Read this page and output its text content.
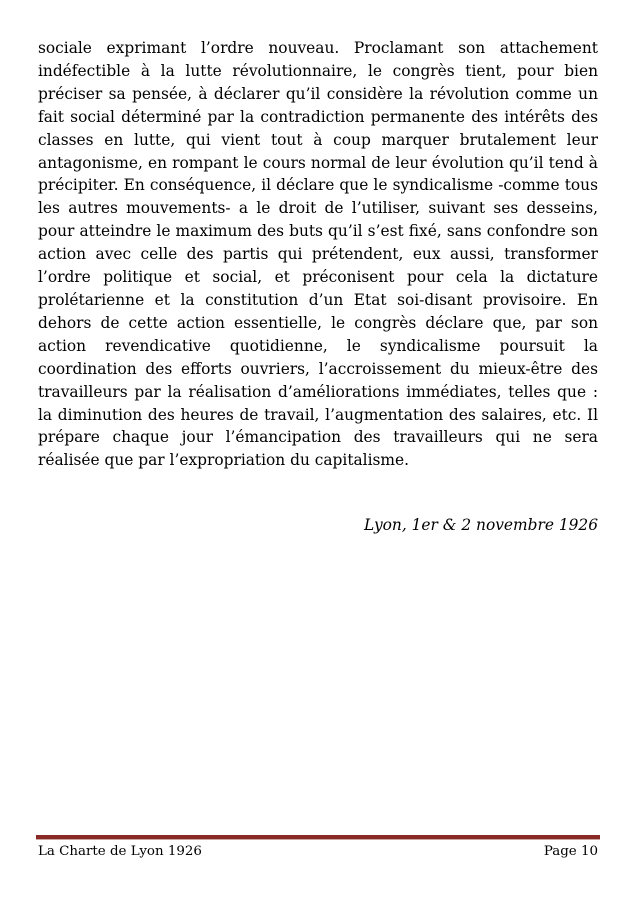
sociale exprimant l’ordre nouveau. Proclamant son attachement indéfectible à la lutte révolutionnaire, le congrès tient, pour bien préciser sa pensée, à déclarer qu’il considère la révolution comme un fait social déterminé par la contradiction permanente des intérêts des classes en lutte, qui vient tout à coup marquer brutalement leur antagonisme, en rompant le cours normal de leur évolution qu’il tend à précipiter. En conséquence, il déclare que le syndicalisme -comme tous les autres mouvements- a le droit de l’utiliser, suivant ses desseins, pour atteindre le maximum des buts qu’il s’est fixé, sans confondre son action avec celle des partis qui prétendent, eux aussi, transformer l’ordre politique et social, et préconisent pour cela la dictature prolétarienne et la constitution d’un Etat soi-disant provisoire. En dehors de cette action essentielle, le congrès déclare que, par son action revendicative quotidienne, le syndicalisme poursuit la coordination des efforts ouvriers, l’accroissement du mieux-être des travailleurs par la réalisation d’améliorations immédiates, telles que : la diminution des heures de travail, l’augmentation des salaires, etc. Il prépare chaque jour l’émancipation des travailleurs qui ne sera réalisée que par l’expropriation du capitalisme.

Lyon, 1er & 2 novembre 1926

La Charte de Lyon 1926	Page 10
